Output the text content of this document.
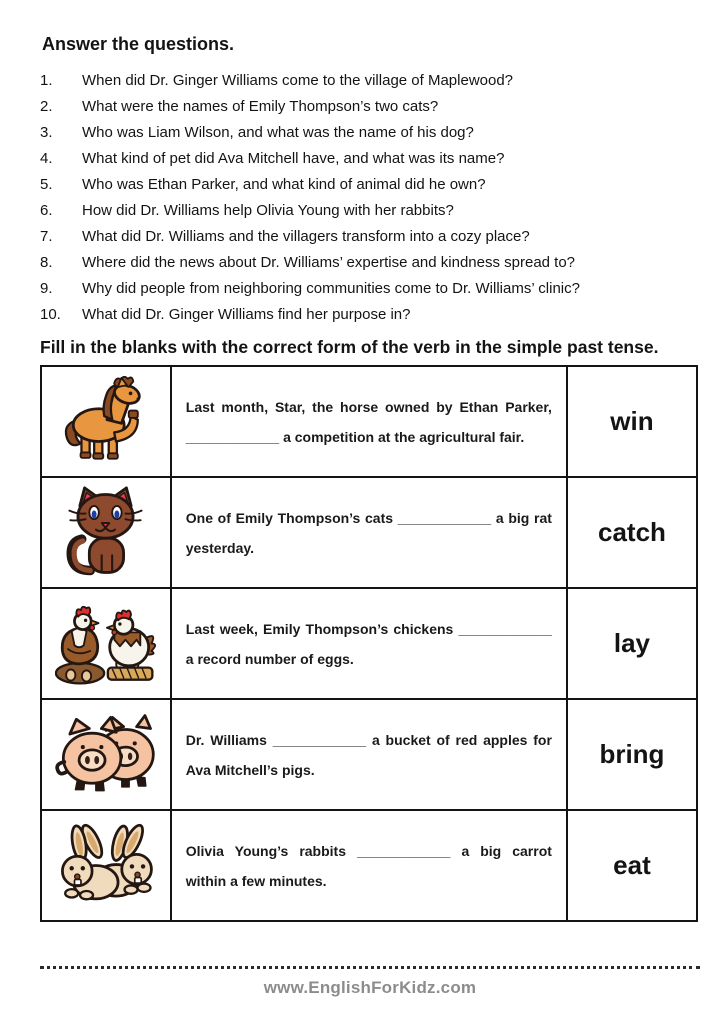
Answer the questions.
1.	When did Dr. Ginger Williams come to the village of Maplewood?
2.	What were the names of Emily Thompson’s two cats?
3.	Who was Liam Wilson, and what was the name of his dog?
4.	What kind of pet did Ava Mitchell have, and what was its name?
5.	Who was Ethan Parker, and what kind of animal did he own?
6.	How did Dr. Williams help Olivia Young with her rabbits?
7.	What did Dr. Williams and the villagers transform into a cozy place?
8.	Where did the news about Dr. Williams’ expertise and kindness spread to?
9.	Why did people from neighboring communities come to Dr. Williams’ clinic?
10.	What did Dr. Ginger Williams find her purpose in?
Fill in the blanks with the correct form of the verb in the simple past tense.

Last month, Star, the horse owned by Ethan Parker, ____________ a competition at the agricultural fair.	win

One of Emily Thompson’s cats ____________ a big rat yesterday.	catch

Last week, Emily Thompson’s chickens ____________ a record number of eggs.	lay

Dr. Williams ____________ a bucket of red apples for Ava Mitchell’s pigs.	bring

Olivia Young’s rabbits ____________ a big carrot within a few minutes.	eat
www.EnglishForKidz.com
